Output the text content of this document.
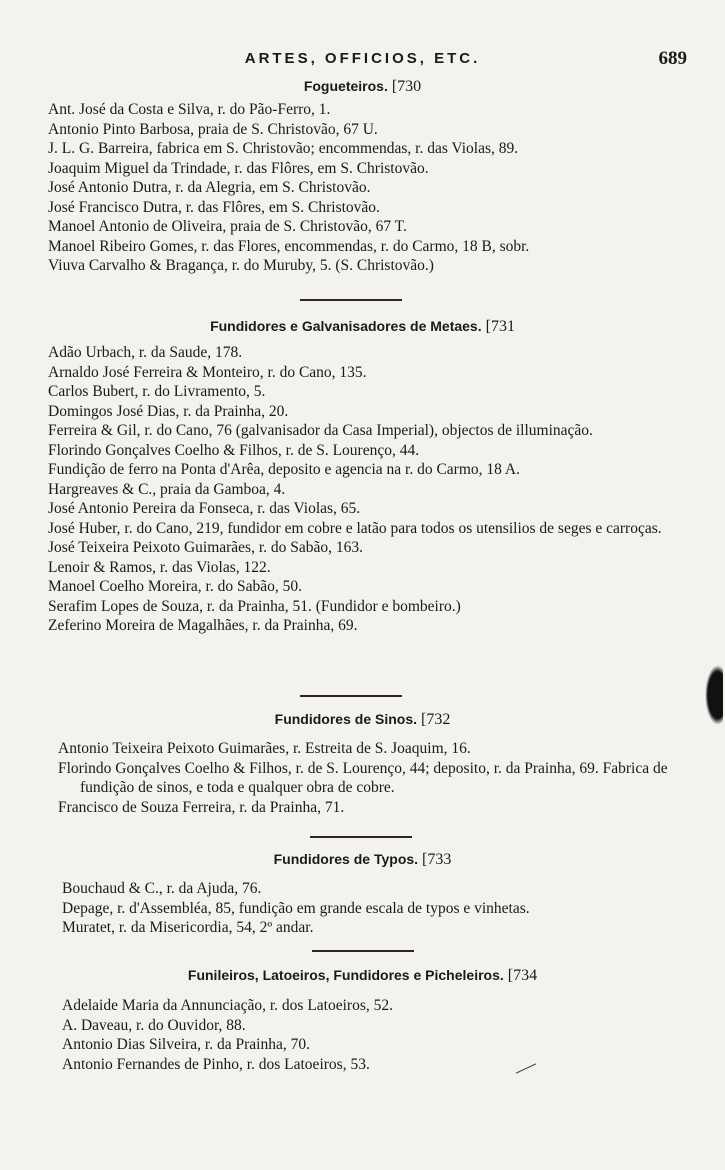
ARTES, OFFICIOS, ETC.	689
Fogueteiros. [730

Ant. José da Costa e Silva, r. do Pão-Ferro, 1.

Antonio Pinto Barbosa, praia de S. Christovão, 67 U.

J. L. G. Barreira, fabrica em S. Christovão; encommendas, r. das Violas, 89.

Joaquim Miguel da Trindade, r. das Flôres, em S. Christovão.

José Antonio Dutra, r. da Alegria, em S. Christovão.

José Francisco Dutra, r. das Flôres, em S. Christovão.

Manoel Antonio de Oliveira, praia de S. Christovão, 67 T.

Manoel Ribeiro Gomes, r. das Flores, encommendas, r. do Carmo, 18 B, sobr.

Viuva Carvalho & Bragança, r. do Muruby, 5. (S. Christovão.)

Fundidores e Galvanisadores de Metaes. [731

Adão Urbach, r. da Saude, 178.

Arnaldo José Ferreira & Monteiro, r. do Cano, 135.

Carlos Bubert, r. do Livramento, 5.

Domingos José Dias, r. da Prainha, 20.

Ferreira & Gil, r. do Cano, 76 (galvanisador da Casa Imperial), objectos de illuminação.

Florindo Gonçalves Coelho & Filhos, r. de S. Lourenço, 44.

Fundição de ferro na Ponta d'Arêa, deposito e agencia na r. do Carmo, 18 A.

Hargreaves & C., praia da Gamboa, 4.

José Antonio Pereira da Fonseca, r. das Violas, 65.

José Huber, r. do Cano, 219, fundidor em cobre e latão para todos os utensilios de seges e carroças.

José Teixeira Peixoto Guimarães, r. do Sabão, 163.

Lenoir & Ramos, r. das Violas, 122.

Manoel Coelho Moreira, r. do Sabão, 50.

Serafim Lopes de Souza, r. da Prainha, 51. (Fundidor e bombeiro.)

Zeferino Moreira de Magalhães, r. da Prainha, 69.

Fundidores de Sinos. [732

Antonio Teixeira Peixoto Guimarães, r. Estreita de S. Joaquim, 16.

Florindo Gonçalves Coelho & Filhos, r. de S. Lourenço, 44; deposito, r. da Prainha, 69. Fabrica de fundição de sinos, e toda e qualquer obra de cobre.

Francisco de Souza Ferreira, r. da Prainha, 71.

Fundidores de Typos. [733

Bouchaud & C., r. da Ajuda, 76.

Depage, r. d'Assembléa, 85, fundição em grande escala de typos e vinhetas.

Muratet, r. da Misericordia, 54, 2º andar.

Funileiros, Latoeiros, Fundidores e Picheleiros. [734

Adelaide Maria da Annunciação, r. dos Latoeiros, 52.

A. Daveau, r. do Ouvidor, 88.

Antonio Dias Silveira, r. da Prainha, 70.

Antonio Fernandes de Pinho, r. dos Latoeiros, 53.
